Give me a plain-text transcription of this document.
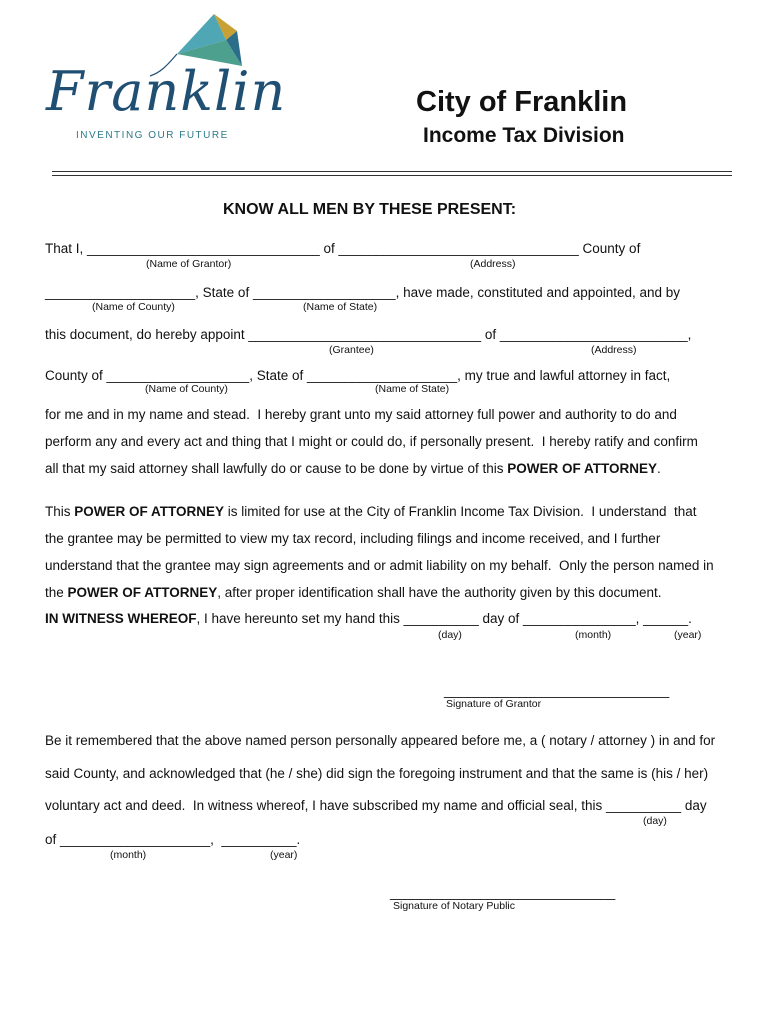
Franklin
INVENTING OUR FUTURE
City of Franklin
Income Tax Division
KNOW ALL MEN BY THESE PRESENT:
That I, _______________________________ of ________________________________ County of
(Name of Grantor)	(Address)
____________________, State of ___________________, have made, constituted and appointed, and by
(Name of County)	(Name of State)
this document, do hereby appoint _______________________________ of _________________________,
(Grantee)	(Address)
County of ___________________, State of ____________________, my true and lawful attorney in fact,
(Name of County)	(Name of State)
for me and in my name and stead.  I hereby grant unto my said attorney full power and authority to do and
perform any and every act and thing that I might or could do, if personally present.  I hereby ratify and confirm
all that my said attorney shall lawfully do or cause to be done by virtue of this POWER OF ATTORNEY.
This POWER OF ATTORNEY is limited for use at the City of Franklin Income Tax Division.  I understand  that
the grantee may be permitted to view my tax record, including filings and income received, and I further
understand that the grantee may sign agreements and or admit liability on my behalf.  Only the person named in
the POWER OF ATTORNEY, after proper identification shall have the authority given by this document.
IN WITNESS WHEREOF, I have hereunto set my hand this __________ day of _______________, ______.
(day)	(month)	(year)
______________________________
Signature of Grantor
Be it remembered that the above named person personally appeared before me, a ( notary / attorney ) in and for
said County, and acknowledged that (he / she) did sign the foregoing instrument and that the same is (his / her)
voluntary act and deed.  In witness whereof, I have subscribed my name and official seal, this __________ day
(day)
of ____________________,  __________.
(month)	(year)
______________________________
Signature of Notary Public
